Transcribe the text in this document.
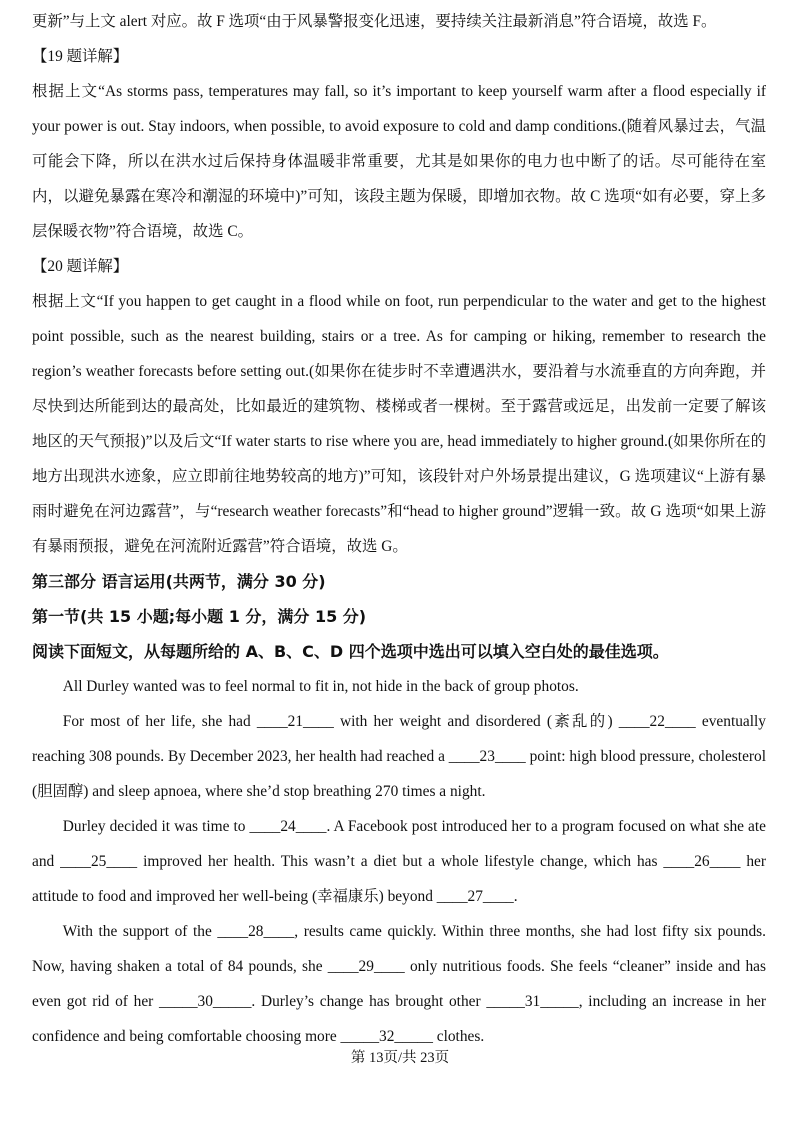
更新”与上文 alert 对应。故 F 选项“由于风暴警报变化迅速，要持续关注最新消息”符合语境，故选 F。

【19 题详解】

根据上文“As storms pass, temperatures may fall, so it’s important to keep yourself warm after a flood especially if your power is out. Stay indoors, when possible, to avoid exposure to cold and damp conditions.(随着风暴过去，气温可能会下降，所以在洪水过后保持身体温暖非常重要，尤其是如果你的电力也中断了的话。尽可能待在室内，以避免暴露在寒冷和潮湿的环境中)”可知，该段主题为保暖，即增加衣物。故 C 选项“如有必要，穿上多层保暖衣物”符合语境，故选 C。

【20 题详解】

根据上文“If you happen to get caught in a flood while on foot, run perpendicular to the water and get to the highest point possible, such as the nearest building, stairs or a tree. As for camping or hiking, remember to research the region’s weather forecasts before setting out.(如果你在徒步时不幸遭遇洪水，要沿着与水流垂直的方向奔跑，并尽快到达所能到达的最高处，比如最近的建筑物、楼梯或者一棵树。至于露营或远足，出发前一定要了解该地区的天气预报)”以及后文“If water starts to rise where you are, head immediately to higher ground.(如果你所在的地方出现洪水迹象，应立即前往地势较高的地方)”可知，该段针对户外场景提出建议，G 选项建议“上游有暴雨时避免在河边露营”，与“research weather forecasts”和“head to higher ground”逻辑一致。故 G 选项“如果上游有暴雨预报，避免在河流附近露营”符合语境，故选 G。

第三部分 语言运用(共两节，满分 30 分)

第一节(共 15 小题;每小题 1 分，满分 15 分)

阅读下面短文，从每题所给的 A、B、C、D 四个选项中选出可以填入空白处的最佳选项。

All Durley wanted was to feel normal to fit in, not hide in the back of group photos.

For most of her life, she had ____21____ with her weight and disordered (紊乱的) ____22____ eventually reaching 308 pounds. By December 2023, her health had reached a ____23____ point: high blood pressure, cholesterol (胆固醇) and sleep apnoea, where she’d stop breathing 270 times a night.

Durley decided it was time to ____24____. A Facebook post introduced her to a program focused on what she ate and ____25____ improved her health. This wasn’t a diet but a whole lifestyle change, which has ____26____ her attitude to food and improved her well-being (幸福康乐) beyond ____27____.

With the support of the ____28____, results came quickly. Within three months, she had lost fifty six pounds. Now, having shaken a total of 84 pounds, she ____29____ only nutritious foods. She feels “cleaner” inside and has even got rid of her _____30_____. Durley’s change has brought other _____31_____, including an increase in her confidence and being comfortable choosing more _____32_____ clothes.

第 13页/共 23页
